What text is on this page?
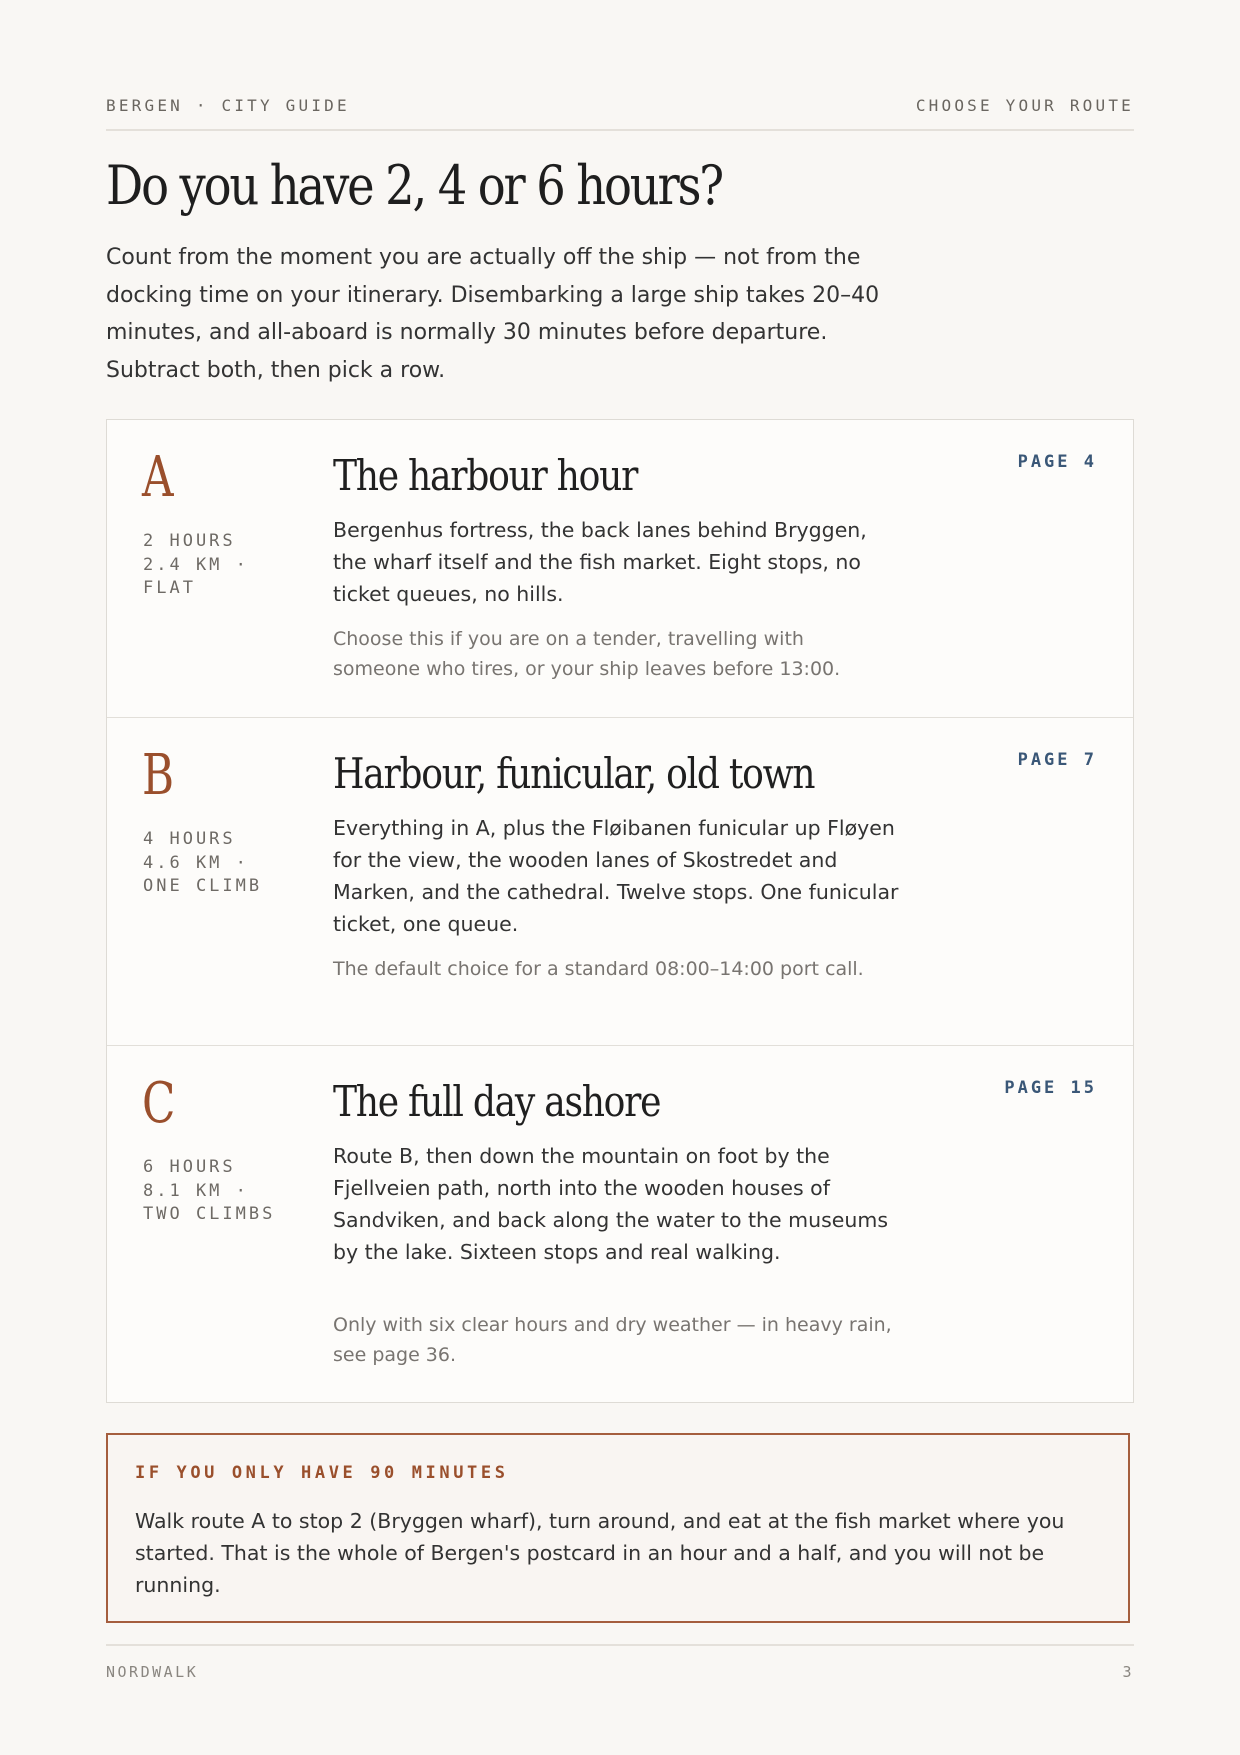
BERGEN · CITY GUIDE	CHOOSE YOUR ROUTE
Do you have 2, 4 or 6 hours?

Count from the moment you are actually off the ship — not from the docking time on your itinerary. Disembarking a large ship takes 20–40 minutes, and all-aboard is normally 30 minutes before departure. Subtract both, then pick a row.

A
2 HOURS
2.4 KM ·
FLAT
The harbour hour

Bergenhus fortress, the back lanes behind Bryggen, the wharf itself and the fish market. Eight stops, no ticket queues, no hills.

Choose this if you are on a tender, travelling with someone who tires, or your ship leaves before 13:00.

PAGE 4
B
4 HOURS
4.6 KM ·
ONE CLIMB
Harbour, funicular, old town

Everything in A, plus the Fløibanen funicular up Fløyen for the view, the wooden lanes of Skostredet and Marken, and the cathedral. Twelve stops. One funicular ticket, one queue.

The default choice for a standard 08:00–14:00 port call.

PAGE 7
C
6 HOURS
8.1 KM ·
TWO CLIMBS
The full day ashore

Route B, then down the mountain on foot by the Fjellveien path, north into the wooden houses of Sandviken, and back along the water to the museums by the lake. Sixteen stops and real walking.

Only with six clear hours and dry weather — in heavy rain, see page 36.

PAGE 15
IF YOU ONLY HAVE 90 MINUTES

Walk route A to stop 2 (Bryggen wharf), turn around, and eat at the fish market where you started. That is the whole of Bergen's postcard in an hour and a half, and you will not be running.

NORDWALK	3
